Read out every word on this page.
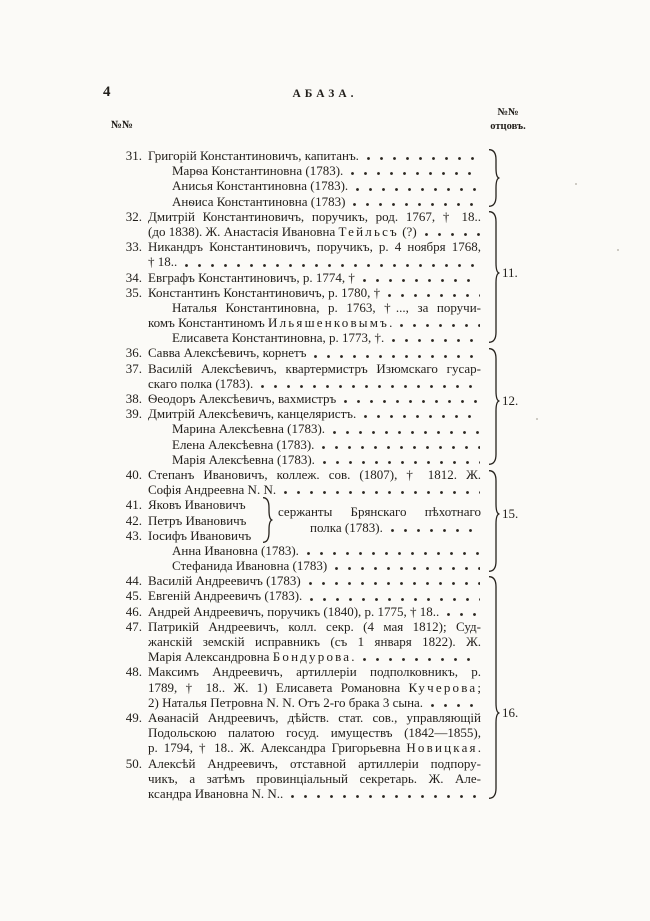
4	АБАЗА.
№№
№№
отцовъ.
31. Григорій Константиновичъ, капитанъ.
Марѳа Константиновна (1783).
Анисья Константиновна (1783).
Анѳиса Константиновна (1783)
32. Дмитрій Константиновичъ, поручикъ, род. 1767, † 18..
(до 1838). Ж. Анастасія Ивановна Тейльсъ (?)
33. Никандръ Константиновичъ, поручикъ, р. 4 ноября 1768,
† 18..
34. Евграфъ Константиновичъ, р. 1774, †
35. Константинъ Константиновичъ, р. 1780, †
Наталья Константиновна, р. 1763, †..., за поручи-
комъ Константиномъ Ильяшенковымъ.
Елисавета Константиновна, р. 1773, †.
36. Савва Алексѣевичъ, корнетъ
37. Василій Алексѣевичъ, квартермистръ Изюмскаго гусар-
скаго полка (1783).
38. Ѳеодоръ Алексѣевичъ, вахмистръ
39. Дмитрій Алексѣевичъ, канцеляристъ.
Марина Алексѣевна (1783).
Елена Алексѣевна (1783).
Марія Алексѣевна (1783).
40. Степанъ Ивановичъ, коллеж. сов. (1807), † 1812. Ж.
Софія Андреевна N. N.
41. Яковъ Ивановичъ
42. Петръ Ивановичъ
43. Іосифъ Ивановичъ
сержанты Брянскаго пѣхотнаго
полка (1783).
Анна Ивановна (1783).
Стефанида Ивановна (1783)
44. Василій Андреевичъ (1783)
45. Евгеній Андреевичъ (1783).
46. Андрей Андреевичъ, поручикъ (1840), р. 1775, † 18..
47. Патрикій Андреевичъ, колл. секр. (4 мая 1812); Суд-
жанскій земскій исправникъ (съ 1 января 1822). Ж.
Марія Александровна Бондурова.
48. Максимъ Андреевичъ, артиллеріи подполковникъ, р.
1789, † 18.. Ж. 1) Елисавета Романовна Кучерова;
2) Наталья Петровна N. N. Отъ 2-го брака 3 сына.
49. Аѳанасій Андреевичъ, дѣйств. стат. сов., управляющій
Подольскою палатою госуд. имуществъ (1842—1855),
р. 1794, † 18.. Ж. Александра Григорьевна Новицкая.
50. Алексѣй Андреевичъ, отставной артиллеріи подпору-
чикъ, а затѣмъ провинціальный секретарь. Ж. Але-
ксандра Ивановна N. N..
11.
12.
15.
16.
